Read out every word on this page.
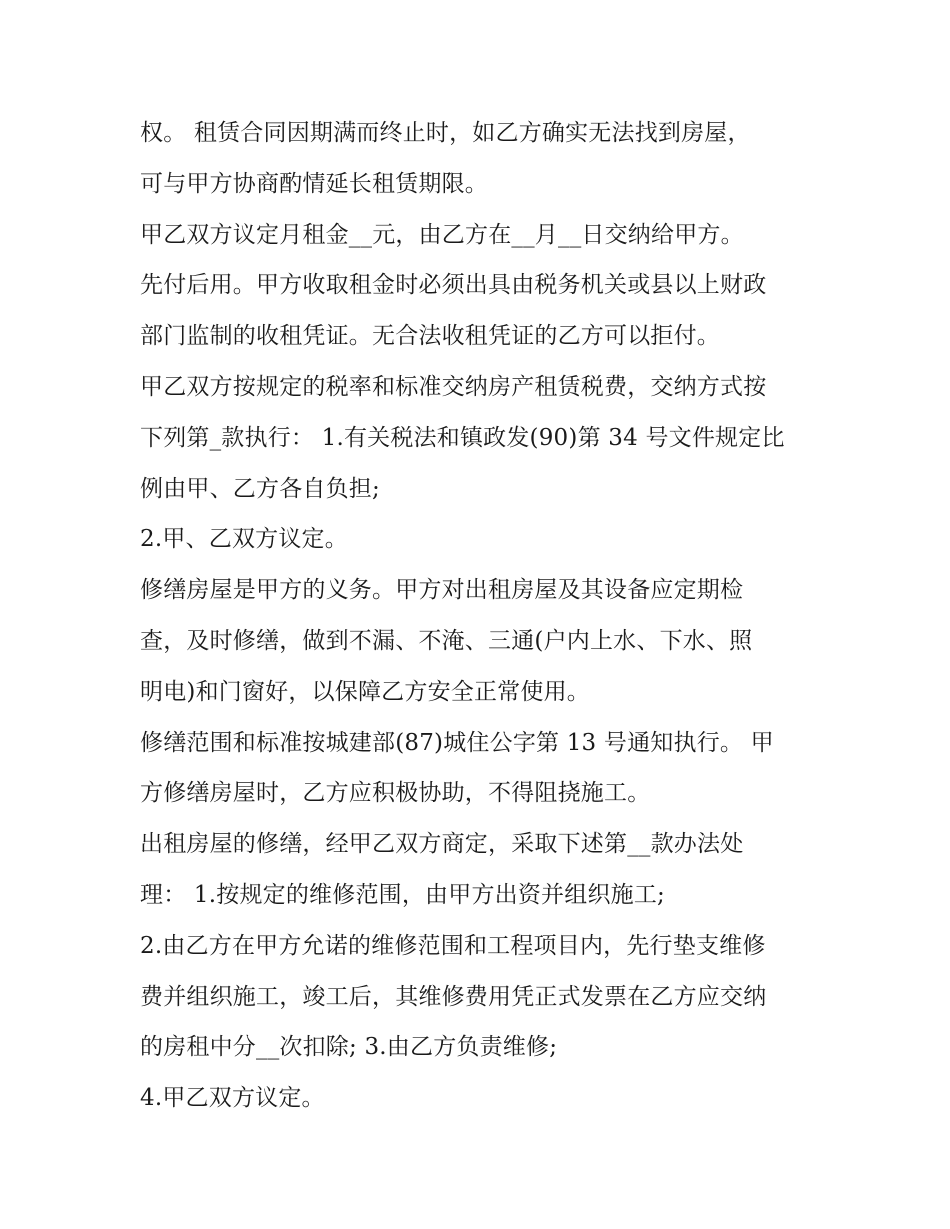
权。 租赁合同因期满而终止时，如乙方确实无法找到房屋，
可与甲方协商酌情延长租赁期限。
甲乙双方议定月租金__元，由乙方在__月__日交纳给甲方。
先付后用。甲方收取租金时必须出具由税务机关或县以上财政
部门监制的收租凭证。无合法收租凭证的乙方可以拒付。
甲乙双方按规定的税率和标准交纳房产租赁税费，交纳方式按
下列第_款执行： 1.有关税法和镇政发(90)第 34 号文件规定比
例由甲、乙方各自负担;
2.甲、乙双方议定。
修缮房屋是甲方的义务。甲方对出租房屋及其设备应定期检
查，及时修缮，做到不漏、不淹、三通(户内上水、下水、照
明电)和门窗好，以保障乙方安全正常使用。
修缮范围和标准按城建部(87)城住公字第 13 号通知执行。 甲
方修缮房屋时，乙方应积极协助，不得阻挠施工。
出租房屋的修缮，经甲乙双方商定，采取下述第__款办法处
理： 1.按规定的维修范围，由甲方出资并组织施工;
2.由乙方在甲方允诺的维修范围和工程项目内，先行垫支维修
费并组织施工，竣工后，其维修费用凭正式发票在乙方应交纳
的房租中分__次扣除; 3.由乙方负责维修;
4.甲乙双方议定。
